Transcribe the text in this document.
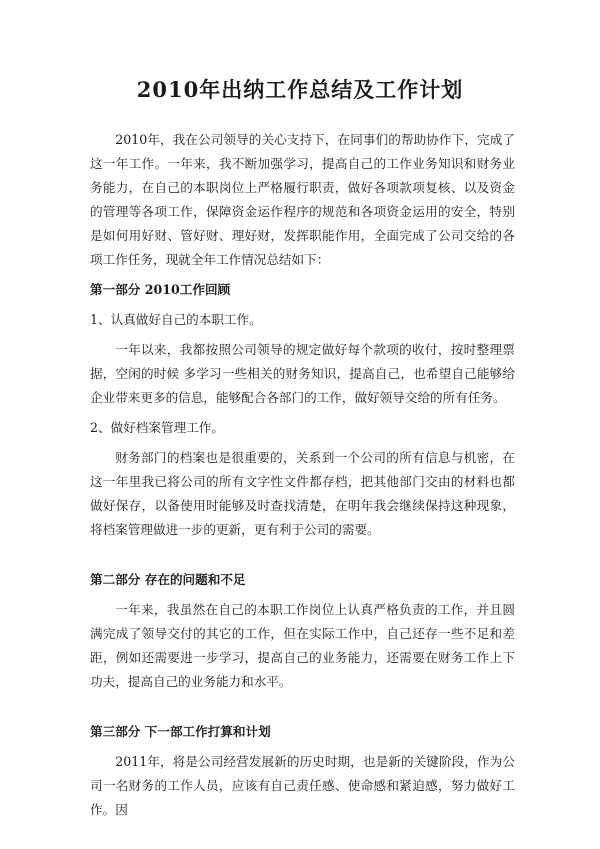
2010年出纳工作总结及工作计划

2010年，我在公司领导的关心支持下，在同事们的帮助协作下，完成了这一年工作。一年来，我不断加强学习，提高自己的工作业务知识和财务业务能力，在自己的本职岗位上严格履行职责，做好各项款项复核、以及资金的管理等各项工作，保障资金运作程序的规范和各项资金运用的安全，特别是如何用好财、管好财、理好财，发挥职能作用，全面完成了公司交给的各项工作任务，现就全年工作情况总结如下：

第一部分 2010工作回顾

1、认真做好自己的本职工作。

一年以来，我都按照公司领导的规定做好每个款项的收付，按时整理票据，空闲的时候 多学习一些相关的财务知识，提高自己，也希望自己能够给企业带来更多的信息，能够配合各部门的工作，做好领导交给的所有任务。

2、做好档案管理工作。

财务部门的档案也是很重要的，关系到一个公司的所有信息与机密，在这一年里我已将公司的所有文字性文件都存档，把其他部门交由的材料也都做好保存，以备使用时能够及时查找清楚，在明年我会继续保持这种现象，将档案管理做进一步的更新，更有利于公司的需要。

第二部分 存在的问题和不足

一年来，我虽然在自己的本职工作岗位上认真严格负责的工作，并且圆满完成了领导交付的其它的工作，但在实际工作中，自己还存一些不足和差距，例如还需要进一步学习，提高自己的业务能力，还需要在财务工作上下功夫，提高自己的业务能力和水平。

第三部分 下一部工作打算和计划

2011年，将是公司经营发展新的历史时期，也是新的关键阶段，作为公司一名财务的工作人员，应该有自己责任感、使命感和紧迫感，努力做好工作。因
